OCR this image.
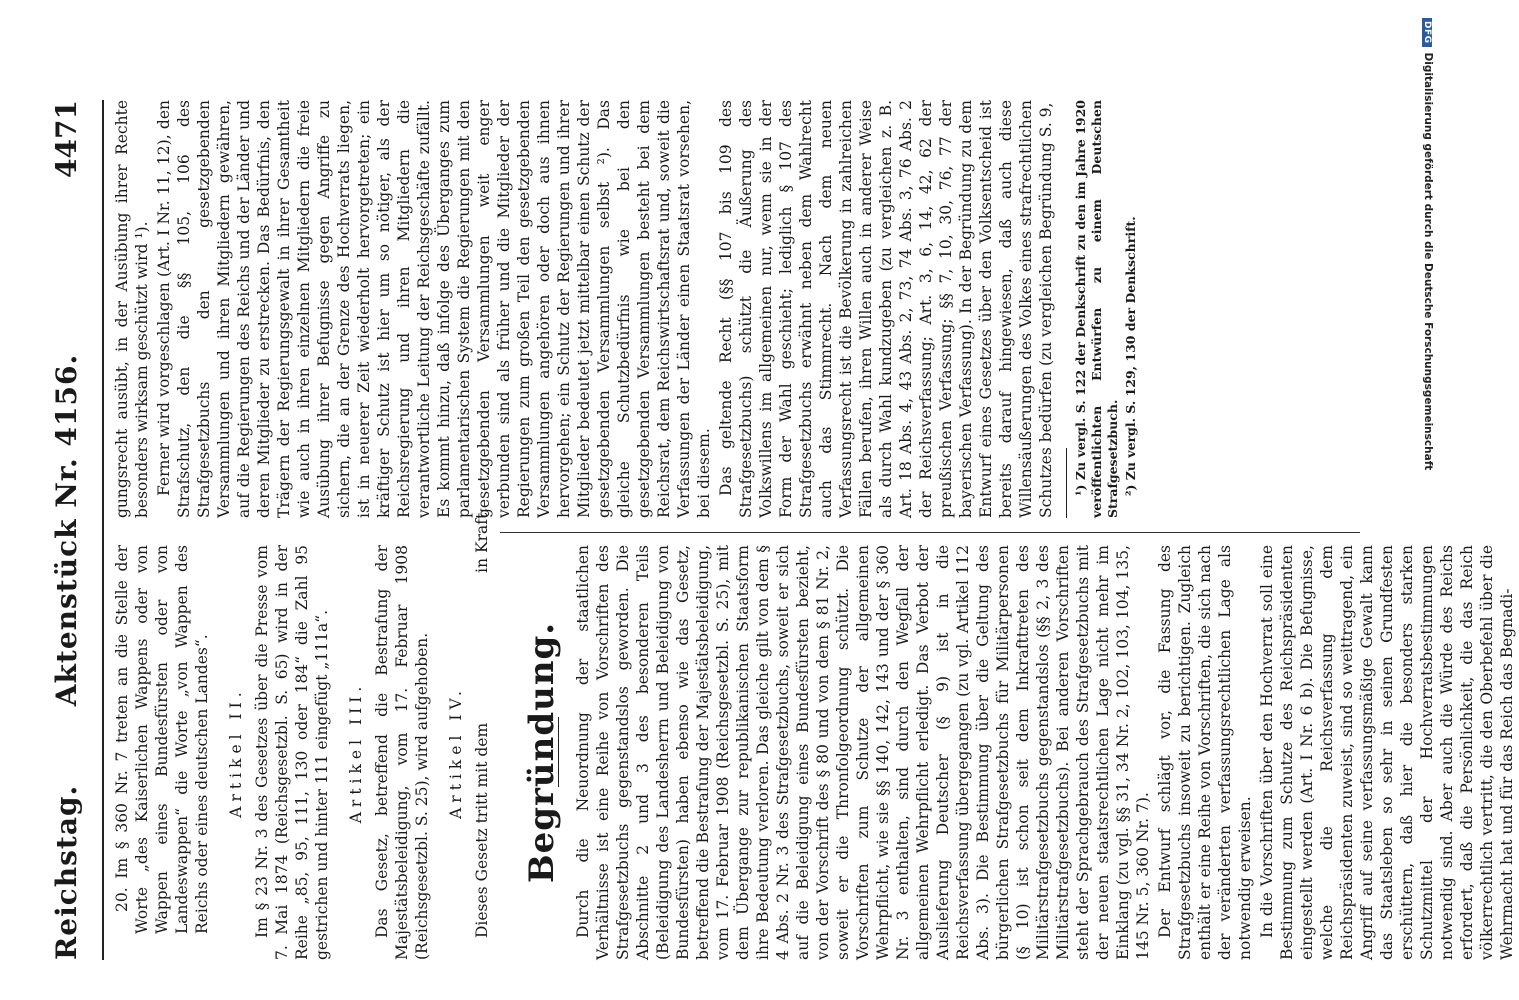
Reichstag.
Aktenstück Nr. 4156.
4471

20. Im § 360 Nr. 7 treten an die Stelle der Worte „des Kaiserlichen Wappens oder von Wappen eines Bundesfürsten oder von Landeswappen“ die Worte „von Wappen des Reichs oder eines deutschen Landes“. Artikel II. Im § 23 Nr. 3 des Gesetzes über die Presse vom 7. Mai 1874 (Reichsgesetzbl. S. 65) wird in der Reihe „85, 95, 111, 130 oder 184“ die Zahl 95 gestrichen und hinter 111 eingefügt „111a“. Artikel III. Das Gesetz, betreffend die Bestrafung der Majestätsbeleidigung, vom 17. Februar 1908 (Reichsgesetzbl. S. 25), wird aufgehoben. Artikel IV. Dieses Gesetz tritt mit demin Kraft.

Begründung. Durch die Neuordnung der staatlichen Verhältnisse ist eine Reihe von Vorschriften des Strafgesetzbuchs gegenstandslos geworden. Die Abschnitte 2 und 3 des besonderen Teils (Beleidigung des Landesherrn und Beleidigung von Bundesfürsten) haben ebenso wie das Gesetz, betreffend die Bestrafung der Majestätsbeleidigung, vom 17. Februar 1908 (Reichsgesetzbl. S. 25), mit dem Übergange zur republikanischen Staatsform ihre Bedeutung verloren. Das gleiche gilt von dem § 4 Abs. 2 Nr. 3 des Strafgesetzbuchs, soweit er sich auf die Beleidigung eines Bundesfürsten bezieht, von der Vorschrift des § 80 und von dem § 81 Nr. 2, soweit er die Thronfolgeordnung schützt. Die Vorschriften zum Schutze der allgemeinen Wehrpflicht, wie sie §§ 140, 142, 143 und der § 360 Nr. 3 enthalten, sind durch den Wegfall der allgemeinen Wehrpflicht erledigt. Das Verbot der Auslieferung Deutscher (§ 9) ist in die Reichsverfassung übergegangen (zu vgl. Artikel 112 Abs. 3). Die Bestimmung über die Geltung des bürgerlichen Strafgesetzbuchs für Militärpersonen (§ 10) ist schon seit dem Inkrafttreten des Militärstrafgesetzbuchs gegenstandslos (§§ 2, 3 des Militärstrafgesetzbuchs). Bei anderen Vorschriften steht der Sprachgebrauch des Strafgesetzbuchs mit der neuen staatsrechtlichen Lage nicht mehr im Einklang (zu vgl. §§ 31, 34 Nr. 2, 102, 103, 104, 135, 145 Nr. 5, 360 Nr. 7). Der Entwurf schlägt vor, die Fassung des Strafgesetzbuchs insoweit zu berichtigen. Zugleich enthält er eine Reihe von Vorschriften, die sich nach der veränderten verfassungsrechtlichen Lage als notwendig erweisen. In die Vorschriften über den Hochverrat soll eine Bestimmung zum Schutze des Reichspräsidenten eingestellt werden (Art. I Nr. 6 b). Die Befugnisse, welche die Reichsverfassung dem Reichspräsidenten zuweist, sind so weittragend, ein Angriff auf seine verfassungsmäßige Gewalt kann das Staatsleben so sehr in seinen Grundfesten erschüttern, daß hier die besonders starken Schutzmittel der Hochverratsbestimmungen notwendig sind. Aber auch die Würde des Reichs erfordert, daß die Persönlichkeit, die das Reich völkerrechtlich vertritt, die den Oberbefehl über die Wehrmacht hat und für das Reich das Begnadi-

gungsrecht ausübt, in der Ausübung ihrer Rechte besonders wirksam geschützt wird ¹). Ferner wird vorgeschlagen (Art. I Nr. 11, 12), den Strafschutz, den die §§ 105, 106 des Strafgesetzbuchs den gesetzgebenden Versammlungen und ihren Mitgliedern gewähren, auf die Regierungen des Reichs und der Länder und deren Mitglieder zu erstrecken. Das Bedürfnis, den Trägern der Regierungsgewalt in ihrer Gesamtheit wie auch in ihren einzelnen Mitgliedern die freie Ausübung ihrer Befugnisse gegen Angriffe zu sichern, die an der Grenze des Hochverrats liegen, ist in neuerer Zeit wiederholt hervorgetreten; ein kräftiger Schutz ist hier um so nötiger, als der Reichsregierung und ihren Mitgliedern die verantwortliche Leitung der Reichsgeschäfte zufällt. Es kommt hinzu, daß infolge des Überganges zum parlamentarischen System die Regierungen mit den gesetzgebenden Versammlungen weit enger verbunden sind als früher und die Mitglieder der Regierungen zum großen Teil den gesetzgebenden Versammlungen angehören oder doch aus ihnen hervorgehen; ein Schutz der Regierungen und ihrer Mitglieder bedeutet jetzt mittelbar einen Schutz der gesetzgebenden Versammlungen selbst ²). Das gleiche Schutzbedürfnis wie bei den gesetzgebenden Versammlungen besteht bei dem Reichsrat, dem Reichswirtschaftsrat und, soweit die Verfassungen der Länder einen Staatsrat vorsehen, bei diesem. Das geltende Recht (§§ 107 bis 109 des Strafgesetzbuchs) schützt die Äußerung des Volkswillens im allgemeinen nur, wenn sie in der Form der Wahl geschieht; lediglich § 107 des Strafgesetzbuchs erwähnt neben dem Wahlrecht auch das Stimmrecht. Nach dem neuen Verfassungsrecht ist die Bevölkerung in zahlreichen Fällen berufen, ihren Willen auch in anderer Weise als durch Wahl kundzugeben (zu vergleichen z. B. Art. 18 Abs. 4, 43 Abs. 2, 73, 74 Abs. 3, 76 Abs. 2 der Reichsverfassung; Art. 3, 6, 14, 42, 62 der preußischen Verfassung; §§ 7, 10, 30, 76, 77 der bayerischen Verfassung). In der Begründung zu dem Entwurf eines Gesetzes über den Volksentscheid ist bereits darauf hingewiesen, daß auch diese Willensäußerungen des Volkes eines strafrechtlichen Schutzes bedürfen (zu vergleichen Begründung S. 9, ¹) Zu vergl. S. 122 der Denkschrift zu den im Jahre 1920 veröffentlichten Entwürfen zu einem Deutschen Strafgesetzbuch. ²) Zu vergl. S. 129, 130 der Denkschrift.

DFGDigitalisierung gefördert durch die Deutsche Forschungsgemeinschaft
